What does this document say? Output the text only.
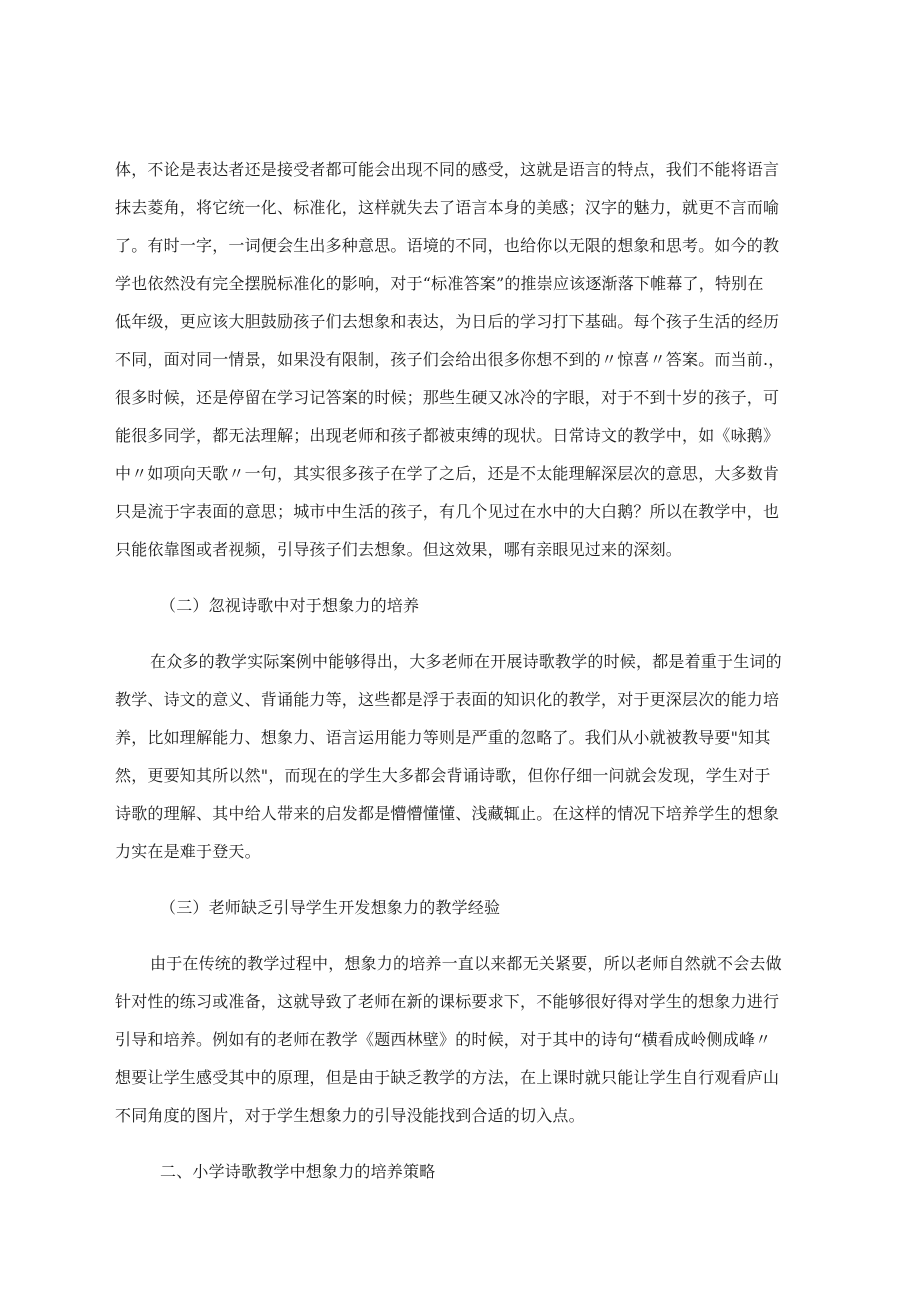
体，不论是表达者还是接受者都可能会出现不同的感受，这就是语言的特点，我们不能将语言
抹去菱角，将它统一化、标准化，这样就失去了语言本身的美感；汉字的魅力，就更不言而喻
了。有时一字，一词便会生出多种意思。语境的不同，也给你以无限的想象和思考。如今的教
学也依然没有完全摆脱标准化的影响，对于“标准答案”的推崇应该逐渐落下帷幕了，特别在
低年级，更应该大胆鼓励孩子们去想象和表达，为日后的学习打下基础。每个孩子生活的经历
不同，面对同一情景，如果没有限制，孩子们会给出很多你想不到的〃惊喜〃答案。而当前.，
很多时候，还是停留在学习记答案的时候；那些生硬又冰冷的字眼，对于不到十岁的孩子，可
能很多同学，都无法理解；出现老师和孩子都被束缚的现状。日常诗文的教学中，如《咏鹅》
中〃如项向天歌〃一句，其实很多孩子在学了之后，还是不太能理解深层次的意思，大多数肯
只是流于字表面的意思；城市中生活的孩子，有几个见过在水中的大白鹅？所以在教学中，也
只能依靠图或者视频，引导孩子们去想象。但这效果，哪有亲眼见过来的深刻。
（二）忽视诗歌中对于想象力的培养
在众多的教学实际案例中能够得出，大多老师在开展诗歌教学的时候，都是着重于生词的
教学、诗文的意义、背诵能力等，这些都是浮于表面的知识化的教学，对于更深层次的能力培
养，比如理解能力、想象力、语言运用能力等则是严重的忽略了。我们从小就被教导要"知其
然，更要知其所以然"，而现在的学生大多都会背诵诗歌，但你仔细一问就会发现，学生对于
诗歌的理解、其中给人带来的启发都是懵懵懂懂、浅藏辄止。在这样的情况下培养学生的想象
力实在是难于登天。
（三）老师缺乏引导学生开发想象力的教学经验
由于在传统的教学过程中，想象力的培养一直以来都无关紧要，所以老师自然就不会去做
针对性的练习或准备，这就导致了老师在新的课标要求下，不能够很好得对学生的想象力进行
引导和培养。例如有的老师在教学《题西林壁》的时候，对于其中的诗句“横看成岭侧成峰〃
想要让学生感受其中的原理，但是由于缺乏教学的方法，在上课时就只能让学生自行观看庐山
不同角度的图片，对于学生想象力的引导没能找到合适的切入点。
二、小学诗歌教学中想象力的培养策略
